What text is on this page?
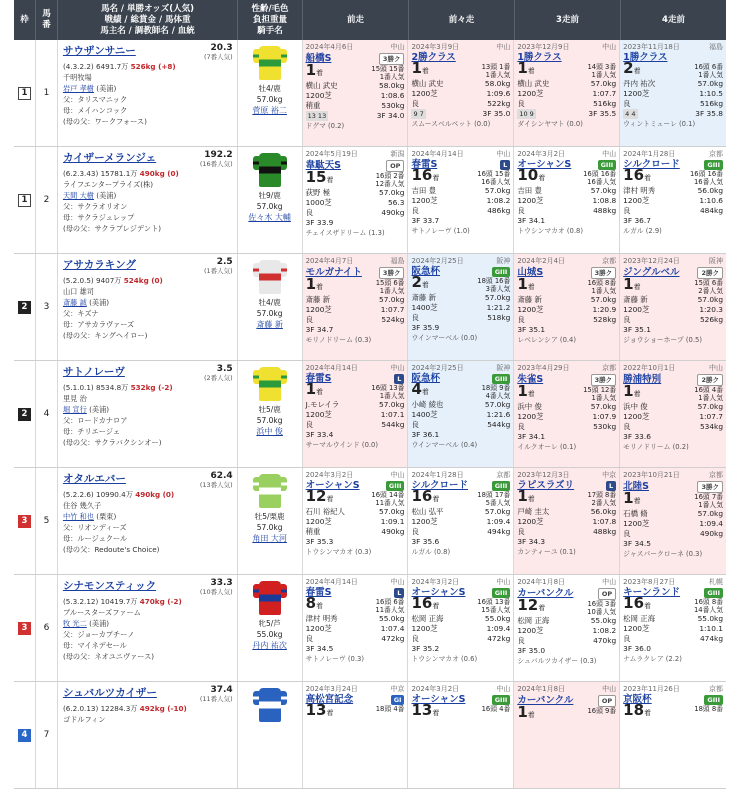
枠
馬番
馬名 / 単勝オッズ(人気)
戦績 / 総賞金 / 馬体重
馬主名 / 調教師名 / 血統
性齢/毛色
負担重量
騎手名
前走	前々走	3走前	4走前
1	1
サウザンサニー	20.3
(7番人気)
(4.3.2.2) 6491.7万 526kg (+8)
千明牧場
岩戸 孝樹 (美浦)
父：タリスマニック
母：メイハンコック
(母の父：ワークフォース)
牡4/鹿
57.0kg
菅原 裕二
2024年4月6日	中山
船橋S	3勝ク
1着	15頭 15番
1番人気
横山 武史	58.0kg
1200芝	1:08.6
稍重	530kg
13 13	3F 34.0
ドグマ (0.2)
2024年3月9日	中山
2勝クラス
1着	13頭 1番
1番人気
横山 武史	58.0kg
1200芝	1:09.6
良	522kg
9 7	3F 35.0
スムースベルベット (0.0)
2023年12月9日	中山
1勝クラス
1着	14頭 3番
1番人気
横山 武史	57.0kg
1200芝	1:07.7
良	516kg
10 9	3F 35.5
ダイシンヤマト (0.0)
2023年11月18日	福島
1勝クラス
2着	16頭 6番
1番人気
丹内 祐次	57.0kg
1200芝	1:10.5
良	516kg
4 4	3F 35.8
ウィントミューレ (0.1)
1	2
カイザーメランジェ	192.2
(16番人気)
(6.2.3.43) 15781.1万 490kg (0)
ライフエンタープライズ(株)
天間 大樹 (美浦)
父：サクラオリオン
母：サクラジュレップ
(母の父：サクラプレジデント)
牡9/鹿
57.0kg
佐々木 大輔
2024年5月19日	新潟
韋駄天S	OP
15着	16頭 2番
12番人気
荻野 極	57.0kg
1000芝	56.3
良	490kg
3F 33.9
チェイスザドリーム (1.3)
2024年4月14日	中山
春雷S	L
16着	16頭 15番
16番人気
吉田 豊	57.0kg
1200芝	1:08.2
良	486kg
3F 33.7
サトノレーヴ (1.0)
2024年3月2日	中山
オーシャンS	GIII
10着	16頭 16番
16番人気
吉田 豊	57.0kg
1200芝	1:08.8
良	488kg
3F 34.1
トウシンマカオ (0.8)
2024年1月28日	京都
シルクロード	GIII
16着	16頭 16番
16番人気
津村 明秀	56.0kg
1200芝	1:10.6
良	484kg
3F 36.7
ルガル (2.9)
2	3
アサカラキング	2.5
(1番人気)
(5.2.0.5) 9407万 524kg (0)
山口 雄司
斎藤 誠 (美浦)
父：キズナ
母：アサカラヴァーズ
(母の父：キングヘイロー)
牡4/鹿
57.0kg
斎藤 新
2024年4月7日	福島
モルガナイト	3勝ク
1着	15頭 6番
1番人気
斎藤 新	57.0kg
1200芝	1:07.7
良	524kg
3F 34.7
モリノドリーム (0.3)
2024年2月25日	阪神
阪急杯	GIII
2着	18頭 16番
3番人気
斎藤 新	57.0kg
1400芝	1:21.2
良	518kg
3F 35.9
ウインマーベル (0.0)
2024年2月4日	京都
山城S	3勝ク
1着	16頭 8番
1番人気
斎藤 新	57.0kg
1200芝	1:20.9
良	528kg
3F 35.1
レベレンシア (0.4)
2023年12月24日	阪神
ジングルベル	2勝ク
1着	15頭 6番
2番人気
斎藤 新	57.0kg
1200芝	1:20.3
良	526kg
3F 35.1
ジョウショーホープ (0.5)
2	4
サトノレーヴ	3.5
(2番人気)
(5.1.0.1) 8534.8万 532kg (-2)
里見 治
堀 宣行 (美浦)
父：ロードカナロア
母：チリエージェ
(母の父：サクラバクシンオー)
牡5/鹿
57.0kg
浜中 俊
2024年4月14日	中山
春雷S	L
1着	16頭 13番
1番人気
J.モレイラ	57.0kg
1200芝	1:07.1
良	544kg
3F 33.4
サーマルウインド (0.0)
2024年2月25日	阪神
阪急杯	GIII
4着	18頭 9番
4番人気
小崎 綾也	57.0kg
1400芝	1:21.6
良	544kg
3F 36.1
ウインマーベル (0.4)
2023年4月29日	京都
朱雀S	3勝ク
1着	15頭 12番
1番人気
浜中 俊	57.0kg
1200芝	1:07.9
良	530kg
3F 34.1
イルクオーレ (0.1)
2022年10月1日	中山
勝浦特別	2勝ク
1着	16頭 4番
1番人気
浜中 俊	57.0kg
1200芝	1:07.7
良	534kg
3F 33.6
モリノドリーム (0.2)
3	5
オタルエバー	62.4
(13番人気)
(5.2.2.6) 10990.4万 490kg (0)
住谷 幾久子
中竹 和也 (栗東)
父：リオンディーズ
母：ルージュクール
(母の父：Redoute's Choice)
牡5/栗鹿
57.0kg
角田 大河
2024年3月2日	中山
オーシャンS	GIII
12着	16頭 14番
11番人気
石川 裕紀人	57.0kg
1200芝	1:09.1
稍重	490kg
3F 35.3
トウシンマカオ (0.3)
2024年1月28日	京都
シルクロード	GIII
16着	18頭 17番
5番人気
松山 弘平	57.0kg
1200芝	1:09.4
良	494kg
3F 35.6
ルガル (0.8)
2023年12月3日	中京
ラピスラズリ	L
1着	17頭 8番
2番人気
戸崎 圭太	56.0kg
1200芝	1:07.8
良	488kg
3F 34.3
カンティーユ (0.1)
2023年10月21日	京都
北陸S	3勝ク
1着	16頭 7番
1番人気
石橋 脩	57.0kg
1200芝	1:09.4
良	490kg
3F 34.5
ジャスパークローネ (0.3)
3	6
シナモンスティック	33.3
(10番人気)
(5.3.2.12) 10419.7万 470kg (-2)
ブルースターズファーム
牧 光二 (美浦)
父：ジョーカプチーノ
母：マイネデセール
(母の父：ネオユニヴァース)
牝5/芦
55.0kg
丹内 祐次
2024年4月14日	中山
春雷S	L
8着	16頭 6番
11番人気
津村 明秀	55.0kg
1200芝	1:07.4
良	472kg
3F 34.5
サトノレーヴ (0.3)
2024年3月2日	中山
オーシャンS	GIII
16着	16頭 13番
15番人気
松岡 正海	55.0kg
1200芝	1:09.4
良	472kg
3F 35.2
トウシンマカオ (0.6)
2024年1月8日	中山
カーバンクル	OP
12着	16頭 3番
10番人気
松岡 正海	55.0kg
1200芝	1:08.2
良	470kg
3F 35.0
シュバルツカイザー (0.3)
2023年8月27日	札幌
キーンランド	GIII
16着	16頭 8番
14番人気
松岡 正海	55.0kg
1200芝	1:10.1
良	474kg
3F 36.0
ナムラクレア (2.2)
4	7
シュバルツカイザー	37.4
(11番人気)
(6.2.0.13) 12284.3万 492kg (-10)
ゴドルフィン
2024年3月24日	中京
高松宮記念	GI
13着	18頭 4番

2024年3月2日	中山
オーシャンS	GIII
13着	16頭 4番

2024年1月8日	中山
カーバンクル	OP
1着	16頭 9番

2023年11月26日	京都
京阪杯	GIII
18着	18頭 8番
